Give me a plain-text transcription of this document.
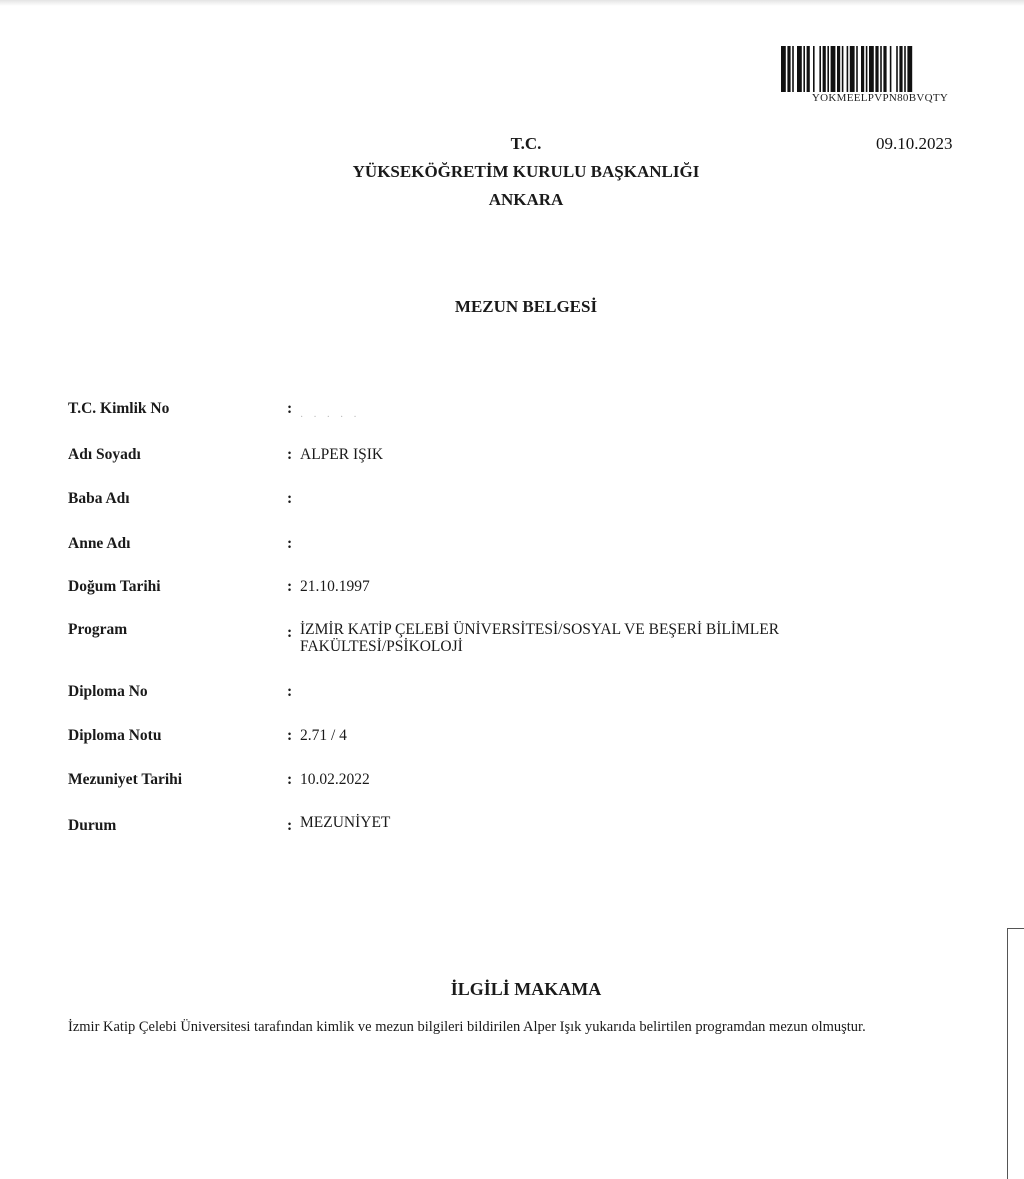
YOKMEELPVPN80BVQTY
09.10.2023
T.C.
YÜKSEKÖĞRETİM KURULU BAŞKANLIĞI
ANKARA
MEZUN BELGESİ
T.C. Kimlik No	:
·····
Adı Soyadı	: ALPER IŞIK
Baba Adı	:
Anne Adı	:
Doğum Tarihi	: 21.10.1997
Program	: İZMİR KATİP ÇELEBİ ÜNİVERSİTESİ/SOSYAL VE BEŞERİ BİLİMLER
FAKÜLTESİ/PSİKOLOJİ
Diploma No	:
Diploma Notu	: 2.71 / 4
Mezuniyet Tarihi	: 10.02.2022
Durum	: MEZUNİYET
İLGİLİ MAKAMA
İzmir Katip Çelebi Üniversitesi tarafından kimlik ve mezun bilgileri bildirilen Alper Işık yukarıda belirtilen programdan mezun olmuştur.
